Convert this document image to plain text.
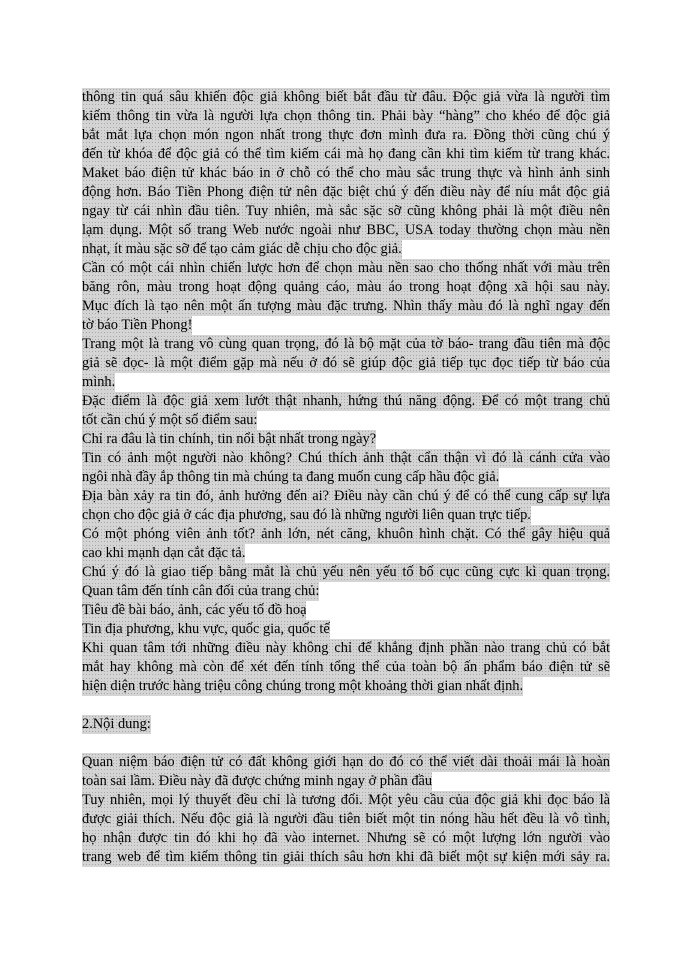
thông tin quá sâu khiến độc giả không biết bắt đầu từ đâu. Độc giả vừa là người tìm
kiếm thông tin vừa là người lựa chọn thông tin. Phải bày “hàng” cho khéo để độc giả
bắt mắt lựa chọn món ngon nhất trong thực đơn mình đưa ra. Đồng thời cũng chú ý
đến từ khóa để độc giả có thể tìm kiếm cái mà họ đang cần khi tìm kiếm từ trang khác.
Maket báo điện tử khác báo in ở chỗ có thể cho màu sắc trung thực và hình ảnh sinh
động hơn. Báo Tiền Phong điện tử nên đặc biệt chú ý đến điều này để níu mắt độc giả
ngay từ cái nhìn đầu tiên. Tuy nhiên, mà sắc sặc sỡ cũng không phải là một điều nên
lạm dụng. Một số trang Web nước ngoài như BBC, USA today thường chọn màu nền
nhạt, ít màu sặc sỡ để tạo cảm giác dễ chịu cho độc giả.
Cần có một cái nhìn chiến lược hơn để chọn màu nền sao cho thống nhất với màu trên
băng rôn, màu trong hoạt động quảng cáo, màu áo trong hoạt động xã hội sau này.
Mục đích là tạo nên một ấn tượng màu đặc trưng. Nhìn thấy màu đó là nghĩ ngay đến
tờ báo Tiền Phong!
Trang một là trang vô cùng quan trọng, đó là bộ mặt của tờ báo- trang đầu tiên mà độc
giả sẽ đọc- là một điểm gặp mà nếu ở đó sẽ giúp độc giả tiếp tục đọc tiếp từ báo của
mình.
Đặc điểm là độc giả xem lướt thật nhanh, hứng thú năng động. Để có một trang chủ
tốt cần chú ý một số điểm sau:
Chỉ ra đâu là tin chính, tin nổi bật nhất trong ngày?
Tin có ảnh một người nào không? Chú thích ảnh thật cẩn thận vì đó là cánh cửa vào
ngôi nhà đầy ắp thông tin mà chúng ta đang muốn cung cấp hầu độc giả.
Địa bàn xảy ra tin đó, ảnh hưởng đến ai? Điều này cần chú ý để có thể cung cấp sự lựa
chọn cho độc giả ở các địa phương, sau đó là những người liên quan trực tiếp.
Có một phóng viên ảnh tốt? ảnh lớn, nét căng, khuôn hình chặt. Có thể gây hiệu quả
cao khi mạnh dạn cắt đặc tả.
Chú ý đó là giao tiếp bằng mắt là chủ yếu nên yếu tố bố cục cũng cực kì quan trọng.
Quan tâm đến tính cân đối của trang chủ:
Tiêu đề bài báo, ảnh, các yếu tố đồ hoạ
Tin địa phương, khu vực, quốc gia, quốc tế
Khi quan tâm tới những điều này không chỉ để khẳng định phần nào trang chủ có bắt
mắt hay không mà còn để xét đến tính tổng thể của toàn bộ ấn phẩm báo điện tử sẽ
hiện diện trước hàng triệu công chúng trong một khoảng thời gian nhất định.
2.Nội dung:
Quan niệm báo điện tử có đất không giới hạn do đó có thể viết dài thoải mái là hoàn
toàn sai lầm. Điều này đã được chứng minh ngay ở phần đầu
Tuy nhiên, mọi lý thuyết đều chỉ là tương đối. Một yêu cầu của độc giả khi đọc báo là
được giải thích. Nếu độc giả là người đầu tiên biết một tin nóng hầu hết đều là vô tình,
họ nhận được tin đó khi họ đã vào internet. Nhưng sẽ có một lượng lớn người vào
trang web để tìm kiếm thông tin giải thích sâu hơn khi đã biết một sự kiện mới sảy ra.
